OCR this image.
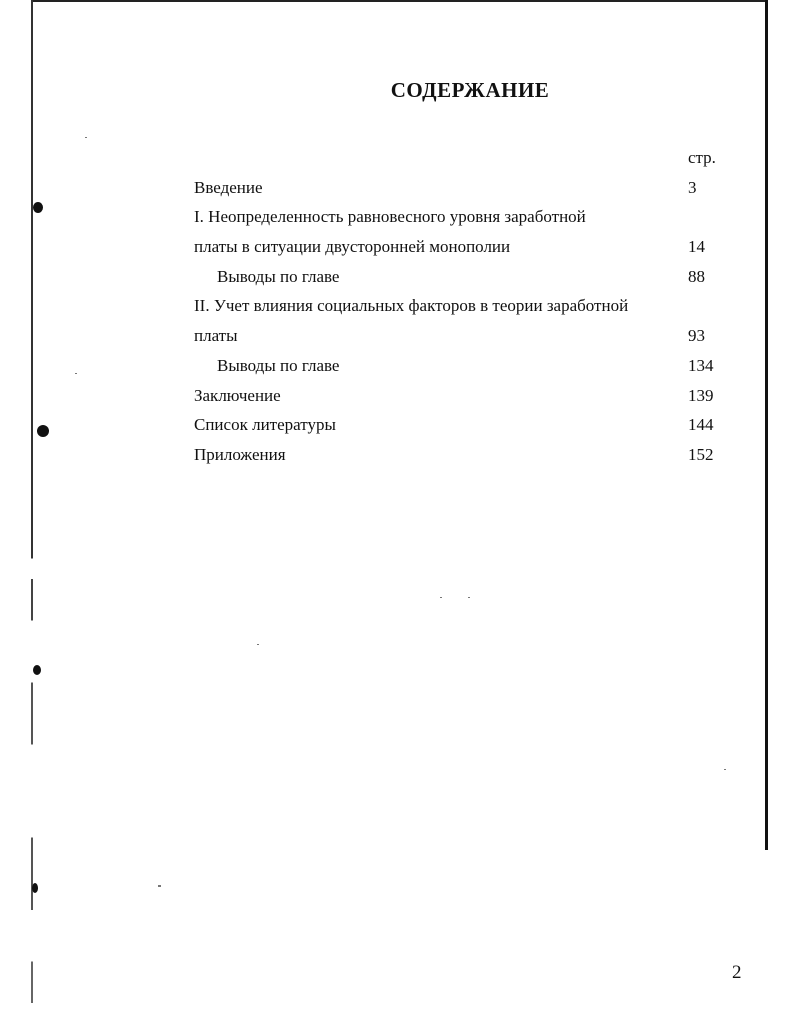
СОДЕРЖАНИЕ
стр.
Введение	3
I. Неопределенность равновесного уровня заработной
платы в ситуации двусторонней монополии	14
Выводы по главе	88
II. Учет влияния социальных факторов в теории заработной
платы	93
Выводы по главе	134
Заключение	139
Список литературы	144
Приложения	152
2
